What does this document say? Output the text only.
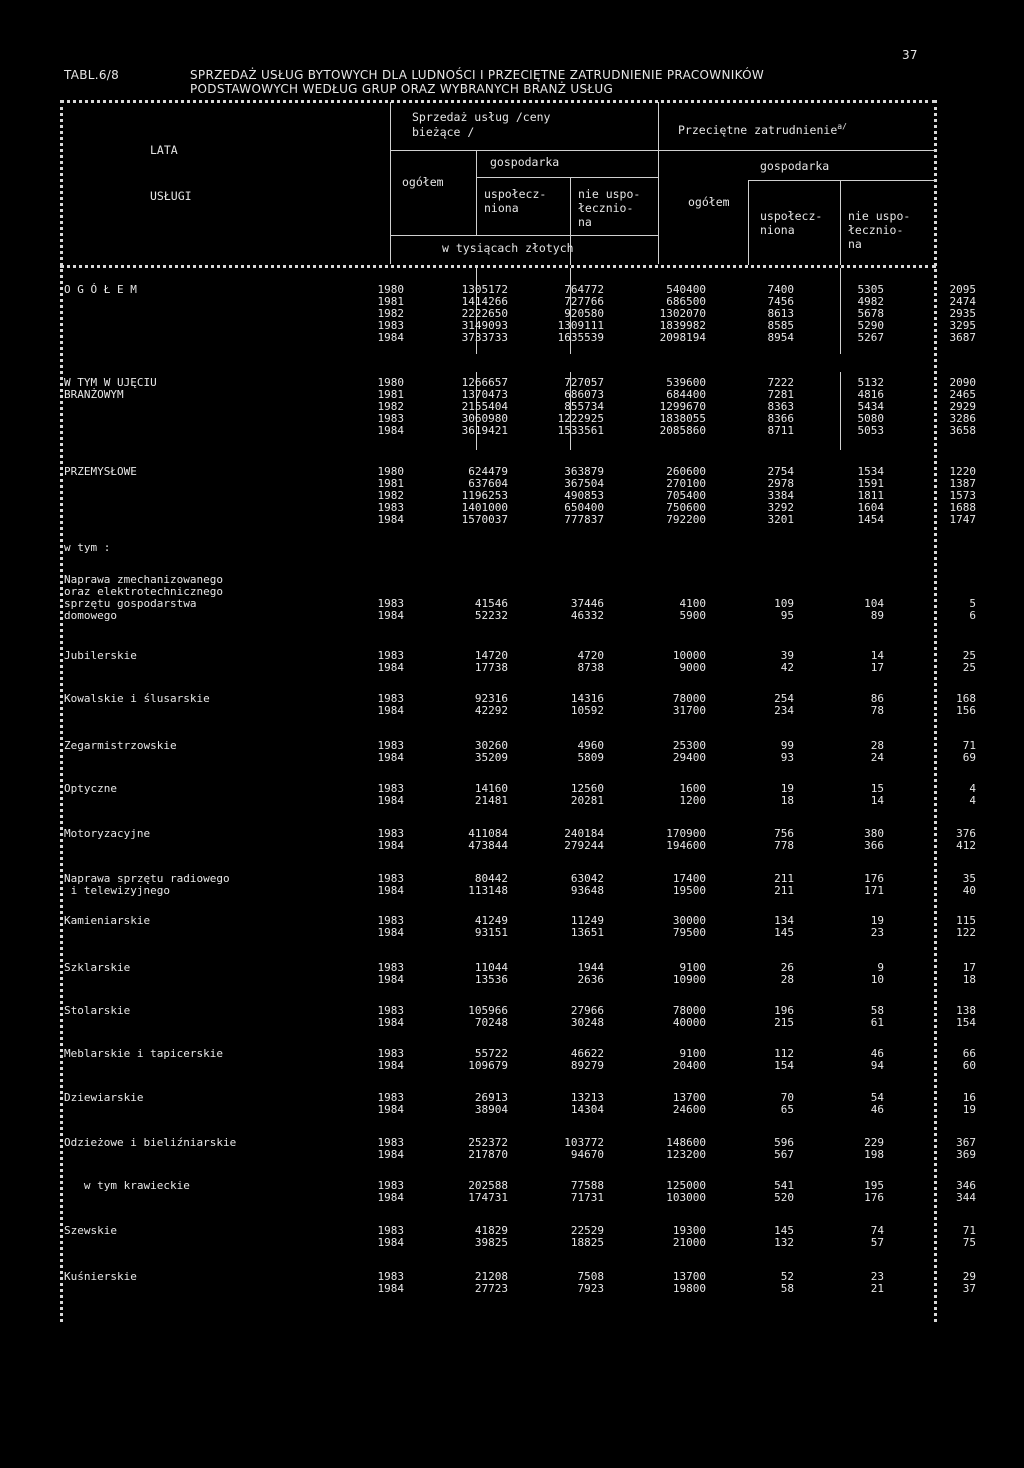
37
TABL.6/8	SPRZEDAŻ USŁUG BYTOWYCH DLA LUDNOŚCI I PRZECIĘTNE ZATRUDNIENIE PRACOWNIKÓW
PODSTAWOWYCH WEDŁUG GRUP ORAZ WYBRANYCH BRANŻ USŁUG
LATA
USŁUGI
Sprzedaż usług /ceny
bieżące /	Przeciętne zatrudnienie$^{a/}$
ogółem
gospodarka
uspołecz-
niona
nie uspo-
łecznio-
na
w tysiącach złotych
ogółem
gospodarka
uspołecz-
niona
nie uspo-
łecznio-
na
O G Ó Ł E M	1980	1305172	764772	540400	7400	5305	2095
1981	1414266	727766	686500	7456	4982	2474
1982	2222650	920580	1302070	8613	5678	2935
1983	3149093	1309111	1839982	8585	5290	3295
1984	3733733	1635539	2098194	8954	5267	3687
W TYM W UJĘCIU
BRANŻOWYM
1980	1266657	727057	539600	7222	5132	2090
1981	1370473	686073	684400	7281	4816	2465
1982	2155404	855734	1299670	8363	5434	2929
1983	3060980	1222925	1838055	8366	5080	3286
1984	3619421	1533561	2085860	8711	5053	3658
PRZEMYSŁOWE	1980	624479	363879	260600	2754	1534	1220
1981	637604	367504	270100	2978	1591	1387
1982	1196253	490853	705400	3384	1811	1573
1983	1401000	650400	750600	3292	1604	1688
1984	1570037	777837	792200	3201	1454	1747
w tym :
Naprawa zmechanizowanego
oraz elektrotechnicznego
sprzętu gospodarstwa
domowego
1983	41546	37446	4100	109	104	5
1984	52232	46332	5900	95	89	6
Jubilerskie	1983	14720	4720	10000	39	14	25
1984	17738	8738	9000	42	17	25
Kowalskie i ślusarskie	1983	92316	14316	78000	254	86	168
1984	42292	10592	31700	234	78	156
Zegarmistrzowskie	1983	30260	4960	25300	99	28	71
1984	35209	5809	29400	93	24	69
Optyczne	1983	14160	12560	1600	19	15	4
1984	21481	20281	1200	18	14	4
Motoryzacyjne	1983	411084	240184	170900	756	380	376
1984	473844	279244	194600	778	366	412
Naprawa sprzętu radiowego
i telewizyjnego
1983	80442	63042	17400	211	176	35
1984	113148	93648	19500	211	171	40
Kamieniarskie	1983	41249	11249	30000	134	19	115
1984	93151	13651	79500	145	23	122
Szklarskie	1983	11044	1944	9100	26	9	17
1984	13536	2636	10900	28	10	18
Stolarskie	1983	105966	27966	78000	196	58	138
1984	70248	30248	40000	215	61	154
Meblarskie i tapicerskie	1983	55722	46622	9100	112	46	66
1984	109679	89279	20400	154	94	60
Dziewiarskie	1983	26913	13213	13700	70	54	16
1984	38904	14304	24600	65	46	19
Odzieżowe i bieliźniarskie	1983	252372	103772	148600	596	229	367
1984	217870	94670	123200	567	198	369
w tym krawieckie	1983	202588	77588	125000	541	195	346
1984	174731	71731	103000	520	176	344
Szewskie	1983	41829	22529	19300	145	74	71
1984	39825	18825	21000	132	57	75
Kuśnierskie	1983	21208	7508	13700	52	23	29
1984	27723	7923	19800	58	21	37
